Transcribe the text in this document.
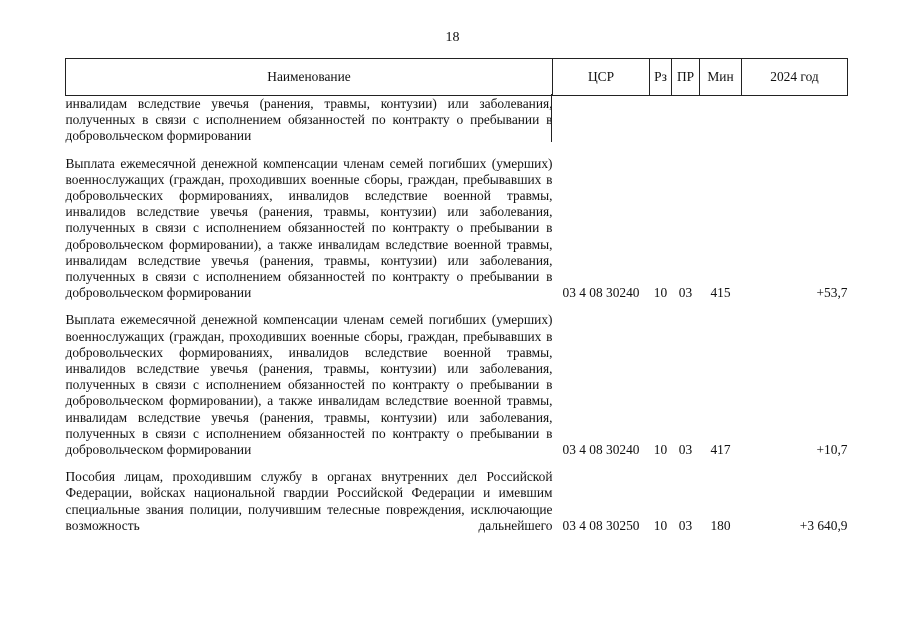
18
Наименование	ЦСР	Рз	ПР	Мин	2024 год
инвалидам вследствие увечья (ранения, травмы, контузии) или заболевания, полученных в связи с исполнением обязанностей по контракту о пребывании в добровольческом формировании					
Выплата ежемесячной денежной компенсации членам семей погибших (умерших) военнослужащих (граждан, проходивших военные сборы, граждан, пребывавших в добровольческих формированиях, инвалидов вследствие военной травмы, инвалидов вследствие увечья (ранения, травмы, контузии) или заболевания, полученных в связи с исполнением обязанностей по контракту о пребывании в добровольческом формировании), а также инвалидам вследствие военной травмы, инвалидам вследствие увечья (ранения, травмы, контузии) или заболевания, полученных в связи с исполнением обязанностей по контракту о пребывании в добровольческом формировании	03 4 08 30240	10	03	415	+53,7
Выплата ежемесячной денежной компенсации членам семей погибших (умерших) военнослужащих (граждан, проходивших военные сборы, граждан, пребывавших в добровольческих формированиях, инвалидов вследствие военной травмы, инвалидов вследствие увечья (ранения, травмы, контузии) или заболевания, полученных в связи с исполнением обязанностей по контракту о пребывании в добровольческом формировании), а также инвалидам вследствие военной травмы, инвалидам вследствие увечья (ранения, травмы, контузии) или заболевания, полученных в связи с исполнением обязанностей по контракту о пребывании в добровольческом формировании	03 4 08 30240	10	03	417	+10,7
Пособия лицам, проходившим службу в органах внутренних дел Российской Федерации, войсках национальной гвардии Российской Федерации и имевшим специальные звания полиции, получившим телесные повреждения, исключающие возможность дальнейшего	03 4 08 30250	10	03	180	+3 640,9
